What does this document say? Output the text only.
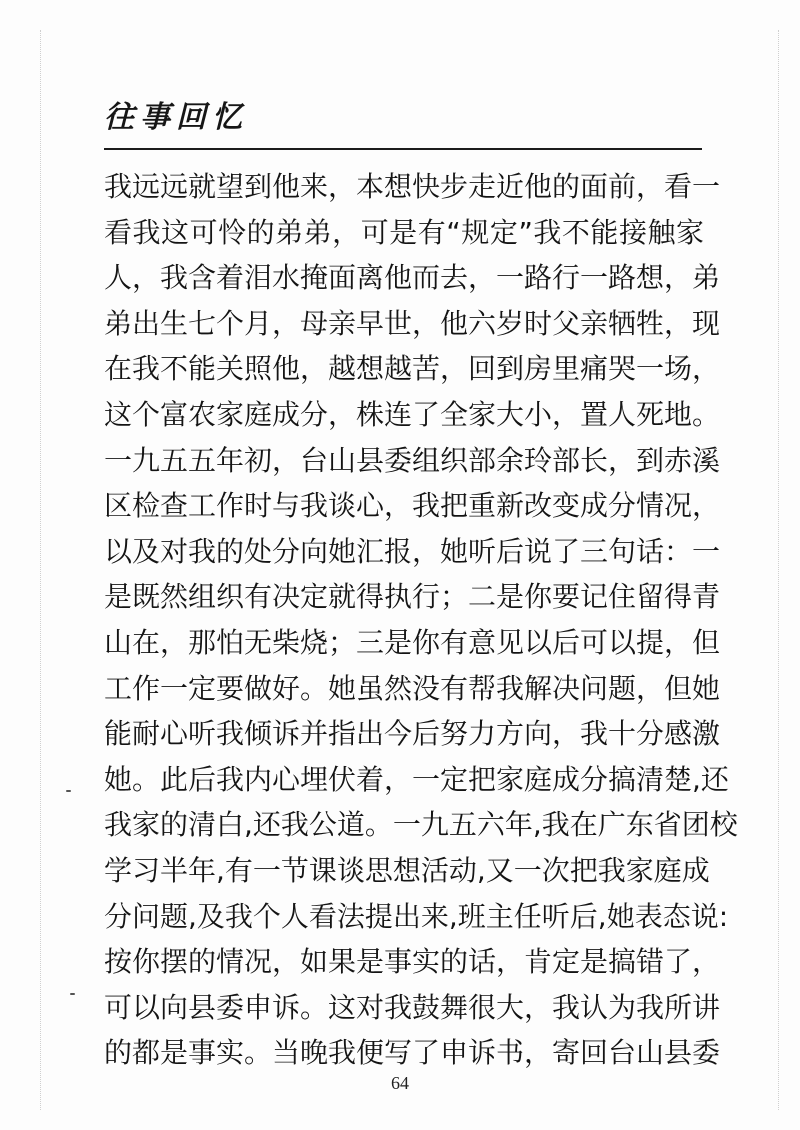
往事回忆
我远远就望到他来，本想快步走近他的面前，看一
看我这可怜的弟弟，可是有“规定”我不能接触家
人，我含着泪水掩面离他而去，一路行一路想，弟
弟出生七个月，母亲早世，他六岁时父亲牺牲，现
在我不能关照他，越想越苦，回到房里痛哭一场，
这个富农家庭成分，株连了全家大小，置人死地。
一九五五年初，台山县委组织部余玲部长，到赤溪
区检查工作时与我谈心，我把重新改变成分情况，
以及对我的处分向她汇报，她听后说了三句话：一
是既然组织有决定就得执行；二是你要记住留得青
山在，那怕无柴烧；三是你有意见以后可以提，但
工作一定要做好。她虽然没有帮我解决问题，但她
能耐心听我倾诉并指出今后努力方向，我十分感激
她。此后我内心埋伏着，一定把家庭成分搞清楚,还
我家的清白,还我公道。一九五六年,我在广东省团校
学习半年,有一节课谈思想活动,又一次把我家庭成
分问题,及我个人看法提出来,班主任听后,她表态说:
按你摆的情况，如果是事实的话，肯定是搞错了，
可以向县委申诉。这对我鼓舞很大，我认为我所讲
的都是事实。当晚我便写了申诉书，寄回台山县委
64
